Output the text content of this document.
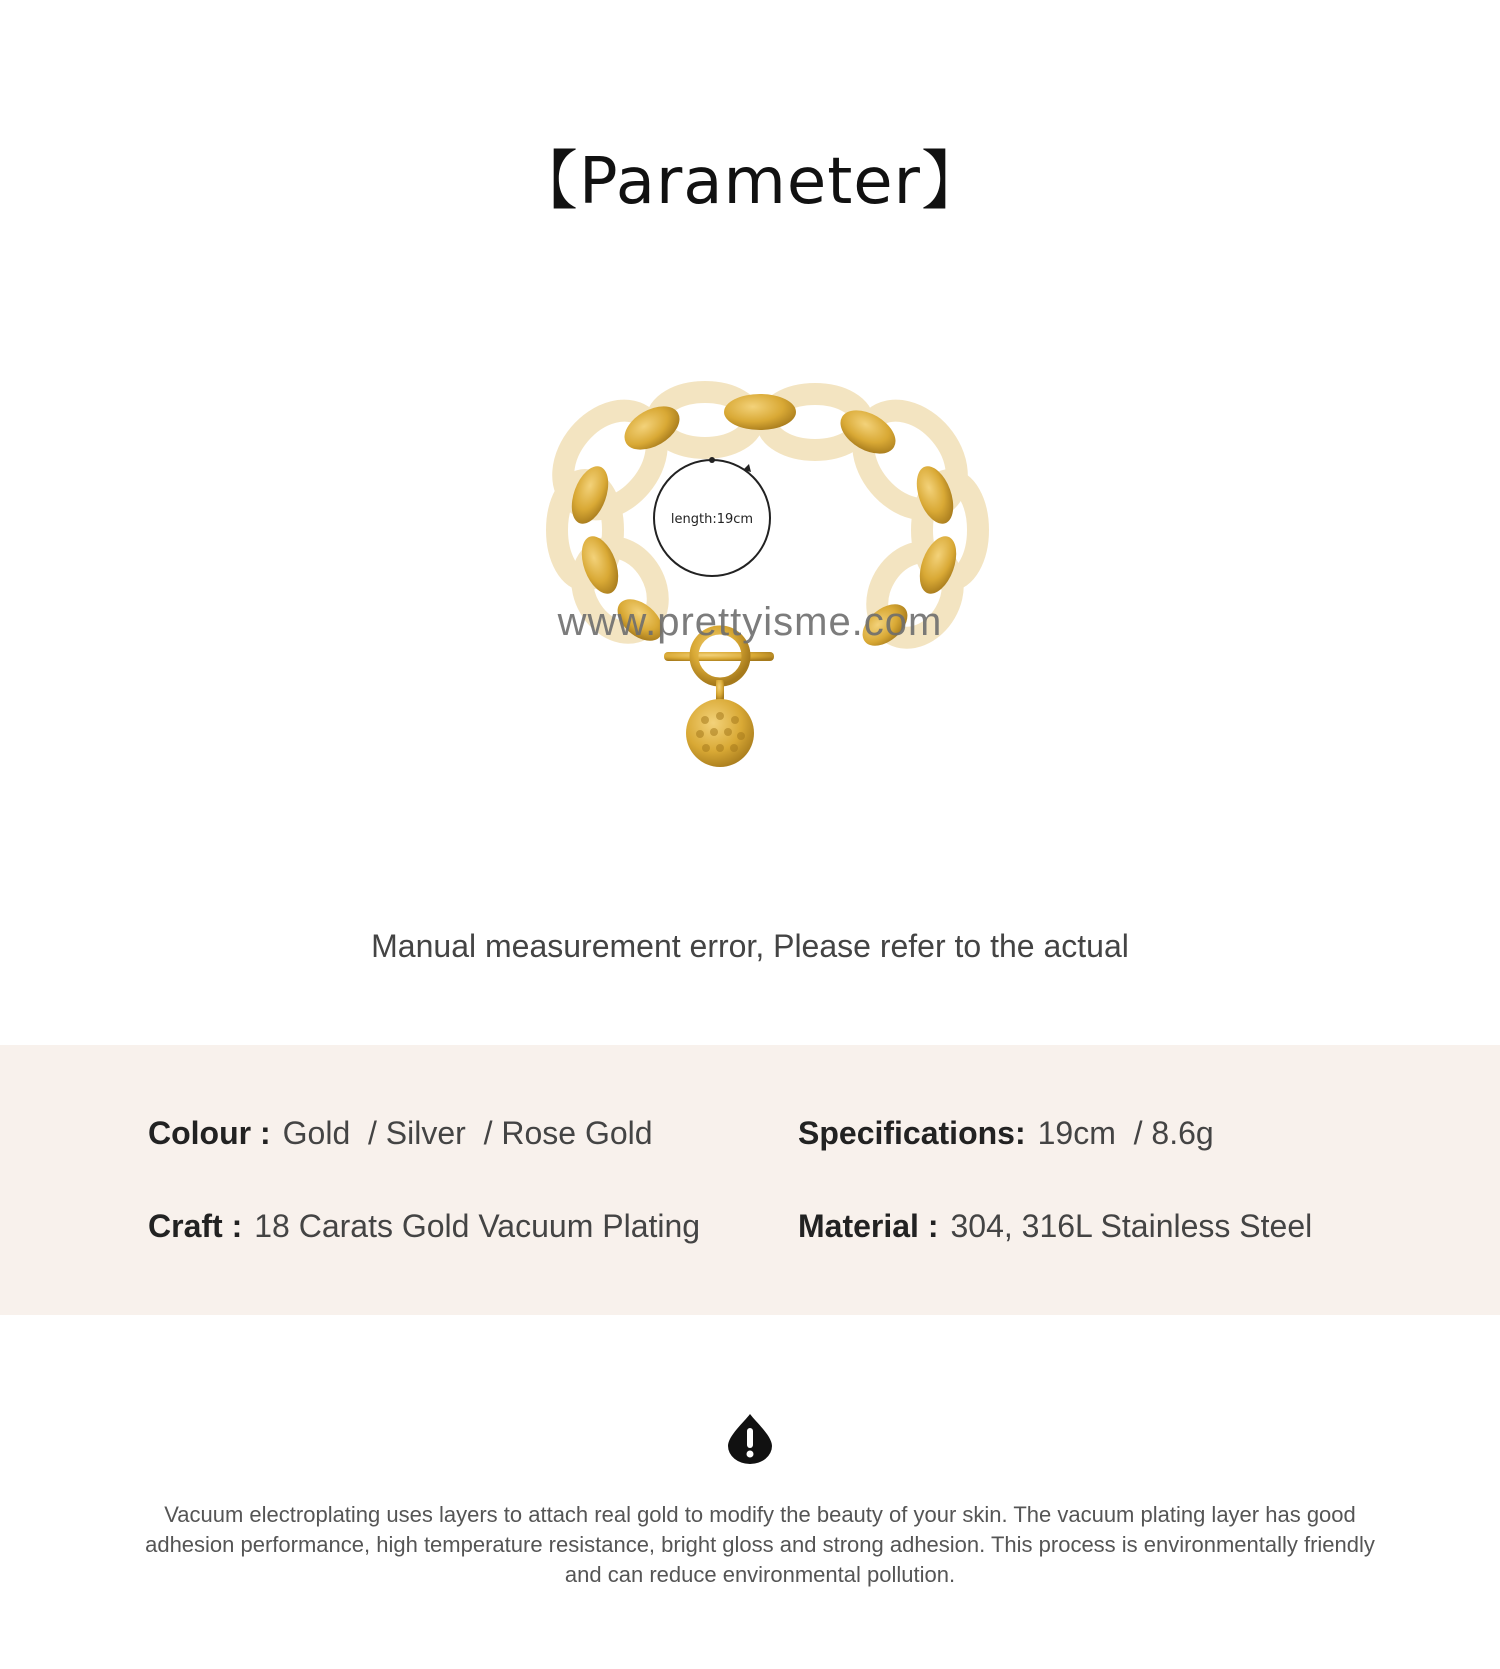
【Parameter】
length:19cm
www.prettyisme.com
Manual measurement error, Please refer to the actual
Colour : Gold  / Silver  / Rose Gold	Specifications: 19cm  / 8.6g
Craft : 18 Carats Gold Vacuum Plating	Material : 304, 316L Stainless Steel
Vacuum electroplating uses layers to attach real gold to modify the beauty of your skin. The vacuum plating layer has good adhesion performance, high temperature resistance, bright gloss and strong adhesion. This process is environmentally friendly and can reduce environmental pollution.
